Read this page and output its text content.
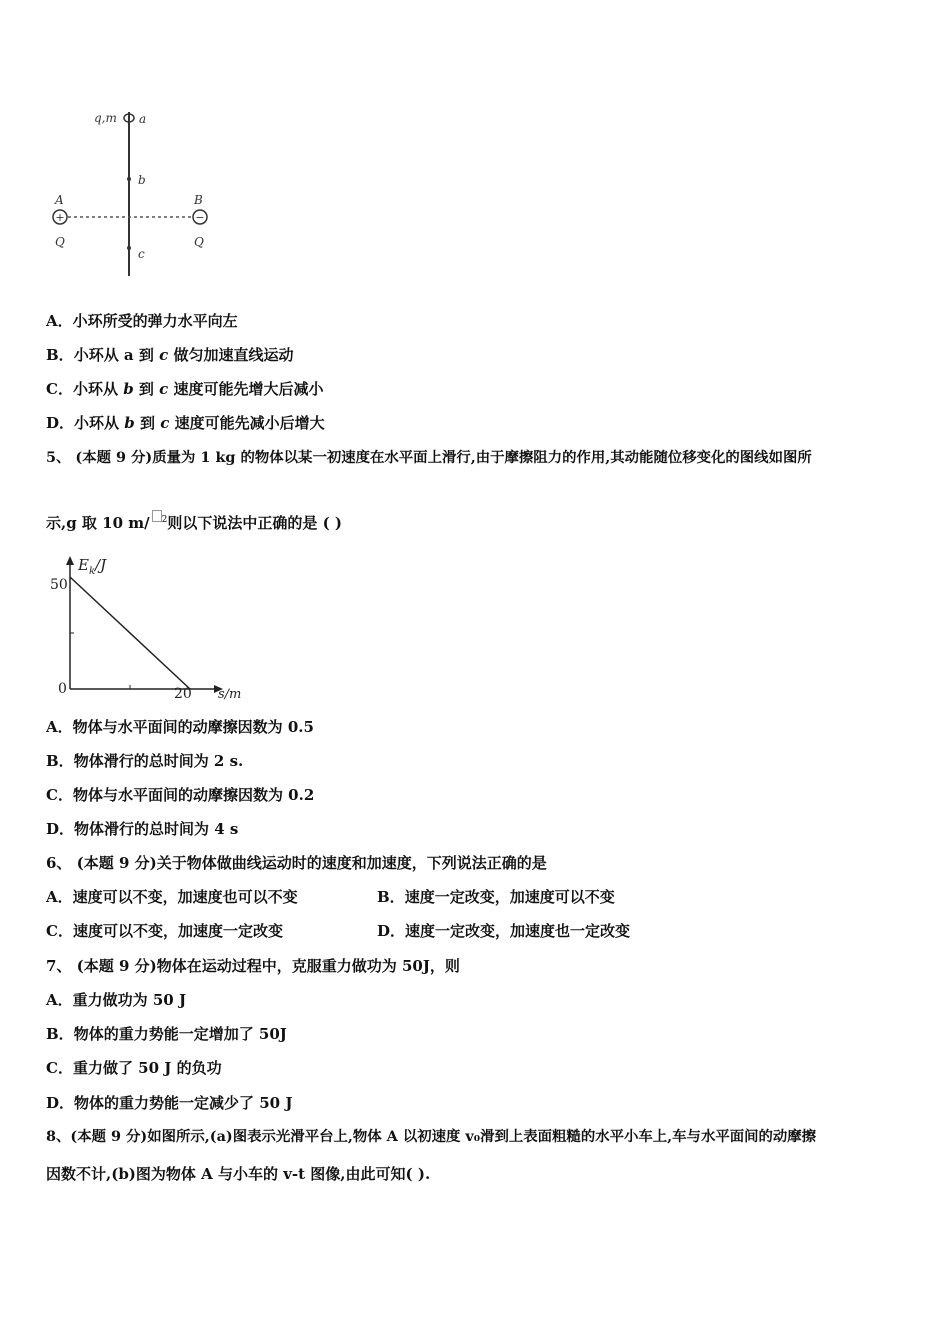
+	−
q,m a
b
c
A	B
Q	Q
A．小环所受的弹力水平向左
B．小环从 a 到 c 做匀加速直线运动
C．小环从 b 到 c 速度可能先增大后减小
D．小环从 b 到 c 速度可能先减小后增大
5、 (本题 9 分)质量为 1 kg 的物体以某一初速度在水平面上滑行,由于摩擦阻力的作用,其动能随位移变化的图线如图所
示,g 取 10 m/ $^2$则以下说法中正确的是 ( )
$E_k/J$
s/m
50
0	20
A．物体与水平面间的动摩擦因数为 0.5
B．物体滑行的总时间为 2 s.
C．物体与水平面间的动摩擦因数为 0.2
D．物体滑行的总时间为 4 s
6、 (本题 9 分)关于物体做曲线运动时的速度和加速度，下列说法正确的是
A．速度可以不变，加速度也可以不变	B．速度一定改变，加速度可以不变
C．速度可以不变，加速度一定改变	D．速度一定改变，加速度也一定改变
7、 (本题 9 分)物体在运动过程中，克服重力做功为 50J，则
A．重力做功为 50 J
B．物体的重力势能一定增加了 50J
C．重力做了 50 J 的负功
D．物体的重力势能一定减少了 50 J
8、(本题 9 分)如图所示,(a)图表示光滑平台上,物体 A 以初速度 v₀滑到上表面粗糙的水平小车上,车与水平面间的动摩擦
因数不计,(b)图为物体 A 与小车的 v-t 图像,由此可知( ).
